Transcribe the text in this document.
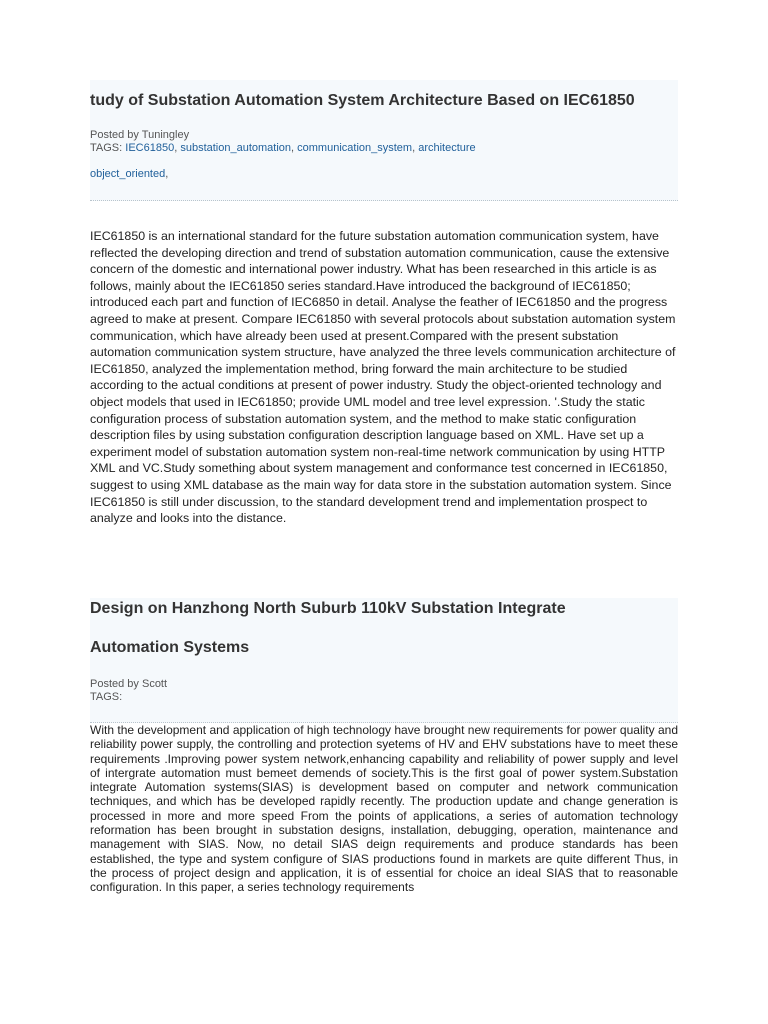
tudy of Substation Automation System Architecture Based on IEC61850
Posted by Tuningley
TAGS: IEC61850, substation_automation, communication_system, architecture
object_oriented,

IEC61850 is an international standard for the future substation automation communication system, have reflected the developing direction and trend of substation automation communication, cause the extensive concern of the domestic and international power industry. What has been researched in this article is as follows, mainly about the IEC61850 series standard.Have introduced the background of IEC61850; introduced each part and function of IEC6850 in detail. Analyse the feather of IEC61850 and the progress agreed to make at present. Compare IEC61850 with several protocols about substation automation system communication, which have already been used at present.Compared with the present substation automation communication system structure, have analyzed the three levels communication architecture of IEC61850, analyzed the implementation method, bring forward the main architecture to be studied according to the actual conditions at present of power industry. Study the object-oriented technology and object models that used in IEC61850; provide UML model and tree level expression. '.Study the static configuration process of substation automation system, and the method to make static configuration description files by using substation configuration description language based on XML. Have set up a experiment model of substation automation system non-real-time network communication by using HTTP XML and VC.Study something about system management and conformance test concerned in IEC61850, suggest to using XML database as the main way for data store in the substation automation system. Since IEC61850 is still under discussion, to the standard development trend and implementation prospect to analyze and looks into the distance.

Design on Hanzhong North Suburb 110kV Substation Integrate
Automation Systems
Posted by Scott
TAGS:

With the development and application of high technology have brought new requirements for power quality and reliability power supply, the controlling and protection syetems of HV and EHV substations have to meet these requirements .Improving power system network,enhancing capability and reliability of power supply and level of intergrate automation must bemeet demends of society.This is the first goal of power system.Substation integrate Automation systems(SIAS) is development based on computer and network communication techniques, and which has be developed rapidly recently. The production update and change generation is processed in more and more speed From the points of applications, a series of automation technology reformation has been brought in substation designs, installation, debugging, operation, maintenance and management with SIAS. Now, no detail SIAS deign requirements and produce standards has been established, the type and system configure of SIAS productions found in markets are quite different Thus, in the process of project design and application, it is of essential for choice an ideal SIAS that to reasonable configuration. In this paper, a series technology requirements
